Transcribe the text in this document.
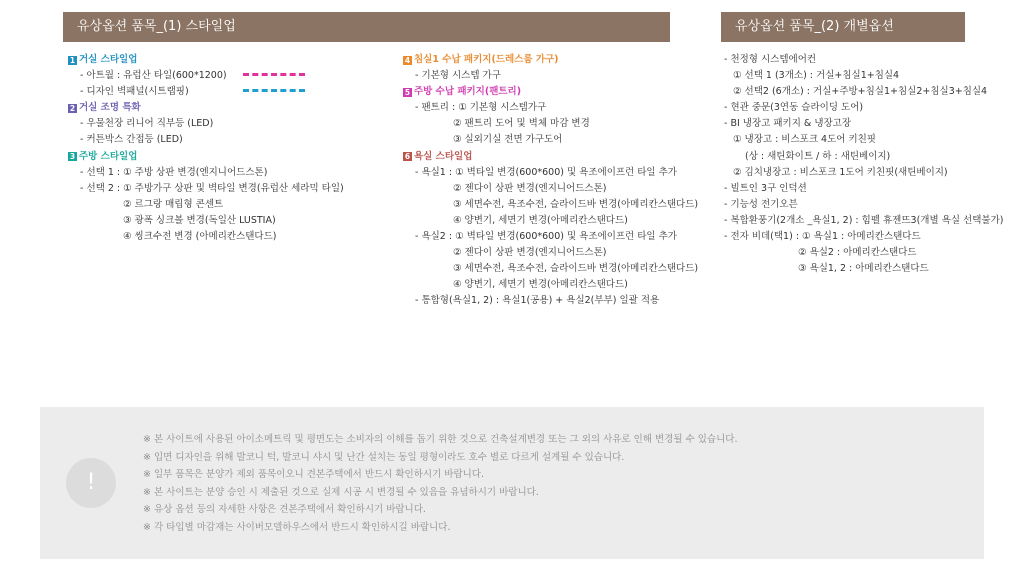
유상옵션 품목_(1) 스타일업	유상옵션 품목_(2) 개별옵션
1 거실 스타일업
- 아트월 : 유럽산 타일(600*1200)
- 디자인 벽패널(시트랩핑)
2 거실 조명 특화
- 우물천장 리니어 직부등 (LED)
- 커튼박스 간접등 (LED)
3 주방 스타일업
- 선택 1 : ① 주방 상판 변경(엔지니어드스톤)
- 선택 2 : ① 주방가구 상판 및 벽타일 변경(유럽산 세라믹 타일)
② 르그랑 매립형 콘센트
③ 광폭 싱크볼 변경(독일산 LUSTIA)
④ 씽크수전 변경 (아메리칸스탠다드)
4 침실1 수납 패키지(드레스룸 가구)
- 기본형 시스템 가구
5 주방 수납 패키지(팬트리)
- 팬트리 : ① 기본형 시스템가구
② 팬트리 도어 및 벽체 마감 변경
③ 실외기실 전면 가구도어
6 욕실 스타일업
- 욕실1 : ① 벽타일 변경(600*600) 및 욕조에이프런 타일 추가
② 젠다이 상판 변경(엔지니어드스톤)
③ 세면수전, 욕조수전, 슬라이드바 변경(아메리칸스탠다드)
④ 양변기, 세면기 변경(아메리칸스탠다드)
- 욕실2 : ① 벽타일 변경(600*600) 및 욕조에이프런 타일 추가
② 젠다이 상판 변경(엔지니어드스톤)
③ 세면수전, 욕조수전, 슬라이드바 변경(아메리칸스탠다드)
④ 양변기, 세면기 변경(아메리칸스탠다드)
- 통합형(욕실1, 2) : 욕실1(공용) + 욕실2(부부) 일괄 적용
- 천정형 시스템에어컨
① 선택 1 (3개소) : 거실+침실1+침실4
② 선택2 (6개소) : 거실+주방+침실1+침실2+침실3+침실4
- 현관 중문(3연동 슬라이딩 도어)
- BI 냉장고 패키지 & 냉장고장
① 냉장고 : 비스포크 4도어 키친핏
(상 : 새틴화이트 / 하 : 새틴베이지)
② 김치냉장고 : 비스포크 1도어 키친핏(새틴베이지)
- 빌트인 3구 인덕션
- 기능성 전기오븐
- 복합환풍기(2개소 _욕실1, 2) : 힘펠 휴젠뜨3(개별 욕실 선택불가)
- 전자 비데(택1) : ① 욕실1 : 아메리칸스탠다드
② 욕실2 : 아메리칸스탠다드
③ 욕실1, 2 : 아메리칸스탠다드
!
※ 본 사이트에 사용된 아이소메트릭 및 평면도는 소비자의 이해를 돕기 위한 것으로 건축설계변경 또는 그 외의 사유로 인해 변경될 수 있습니다.
※ 입면 디자인을 위해 발코니 턱, 발코니 샤시 및 난간 설치는 동일 평형이라도 호수 별로 다르게 설계될 수 있습니다.
※ 일부 품목은 분양가 제외 품목이오니 견본주택에서 반드시 확인하시기 바랍니다.
※ 본 사이트는 분양 승인 시 제출된 것으로 실제 시공 시 변경될 수 있음을 유념하시기 바랍니다.
※ 유상 옵션 등의 자세한 사항은 견본주택에서 확인하시기 바랍니다.
※ 각 타입별 마감재는 사이버모델하우스에서 반드시 확인하시길 바랍니다.
